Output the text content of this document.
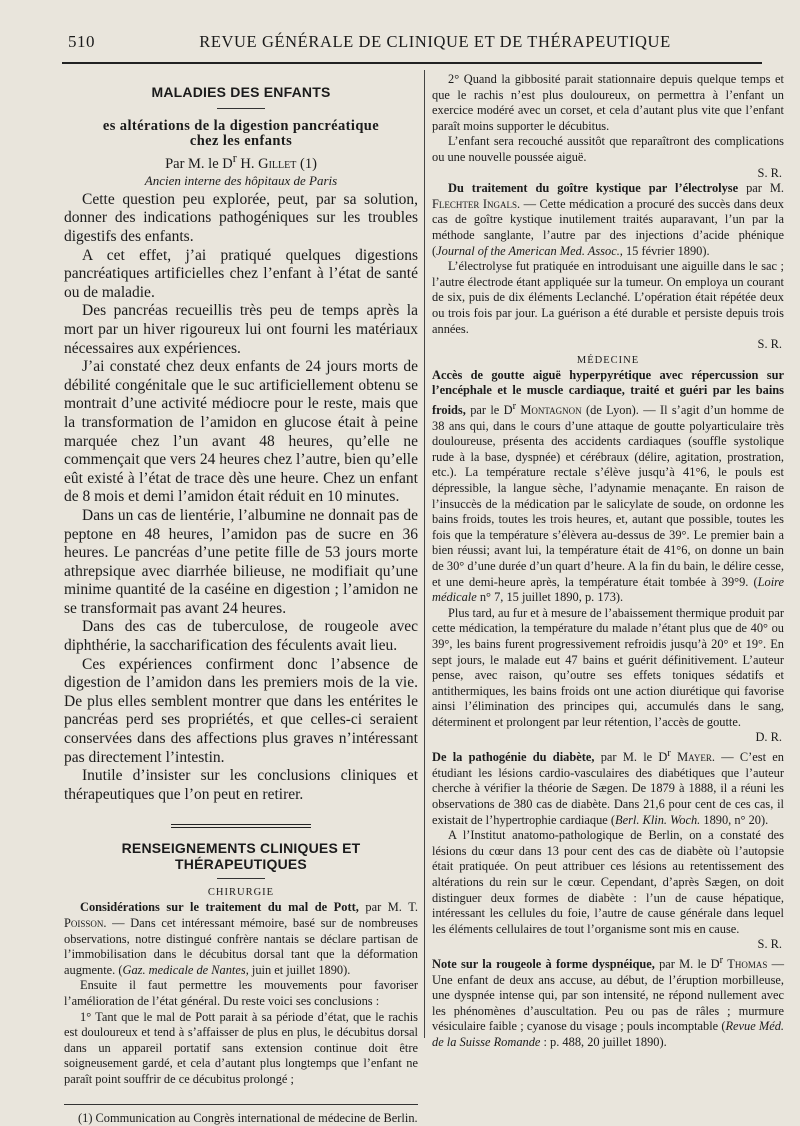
510	REVUE GÉNÉRALE DE CLINIQUE ET DE THÉRAPEUTIQUE
MALADIES DES ENFANTS
es altérations de la digestion pancréatique
chez les enfants
Par M. le $D^r$ H. Gillet (1)
Ancien interne des hôpitaux de Paris

Cette question peu explorée, peut, par sa solution, donner des indications pathogéniques sur les troubles digestifs des enfants.

A cet effet, j’ai pratiqué quelques digestions pancréatiques artificielles chez l’enfant à l’état de santé ou de maladie.

Des pancréas recueillis très peu de temps après la mort par un hiver rigoureux lui ont fourni les matériaux nécessaires aux expériences.

J’ai constaté chez deux enfants de 24 jours morts de débilité congénitale que le suc artificiellement obtenu se montrait d’une activité médiocre pour le reste, mais que la transformation de l’amidon en glucose était à peine marquée chez l’un avant 48 heures, qu’elle ne commençait que vers 24 heures chez l’autre, bien qu’elle eût existé à l’état de trace dès une heure. Chez un enfant de 8 mois et demi l’amidon était réduit en 10 minutes.

Dans un cas de lientérie, l’albumine ne donnait pas de peptone en 48 heures, l’amidon pas de sucre en 36 heures. Le pancréas d’une petite fille de 53 jours morte athrepsique avec diarrhée bilieuse, ne modifiait qu’une minime quantité de la caséine en digestion ; l’amidon ne se transformait pas avant 24 heures.

Dans des cas de tuberculose, de rougeole avec diphthérie, la saccharification des féculents avait lieu.

Ces expériences confirment donc l’absence de digestion de l’amidon dans les premiers mois de la vie. De plus elles semblent montrer que dans les entérites le pancréas perd ses propriétés, et que celles-ci seraient conservées dans des affections plus graves n’intéressant pas directement l’intestin.

Inutile d’insister sur les conclusions cliniques et thérapeutiques que l’on peut en retirer.

RENSEIGNEMENTS CLINIQUES ET THÉRAPEUTIQUES
CHIRURGIE

Considérations sur le traitement du mal de Pott, par M. T. Poisson. — Dans cet intéressant mémoire, basé sur de nombreuses observations, notre distingué confrère nantais se déclare partisan de l’immobilisation dans le décubitus dorsal tant que la déformation augmente. (Gaz. medicale de Nantes, juin et juillet 1890).

Ensuite il faut permettre les mouvements pour favoriser l’amélioration de l’état général. Du reste voici ses conclusions :

1° Tant que le mal de Pott parait à sa période d’état, que le rachis est douloureux et tend à s’affaisser de plus en plus, le décubitus dorsal dans un appareil portatif sans extension continue doit être soigneusement gardé, et cela d’autant plus longtemps que l’enfant ne paraît point souffrir de ce décubitus prolongé ;

(1) Communication au Congrès international de médecine de Berlin.

2° Quand la gibbosité parait stationnaire depuis quelque temps et que le rachis n’est plus douloureux, on permettra à l’enfant un exercice modéré avec un corset, et cela d’autant plus vite que l’enfant paraît moins supporter le décubitus.

L’enfant sera recouché aussitôt que reparaîtront des complications ou une nouvelle poussée aiguë.

S. R.

Du traitement du goître kystique par l’électrolyse par M. Flechter Ingals. — Cette médication a procuré des succès dans deux cas de goître kystique inutilement traités auparavant, l’un par la méthode sanglante, l’autre par des injections d’acide phénique (Journal of the American Med. Assoc., 15 février 1890).

L’électrolyse fut pratiquée en introduisant une aiguille dans le sac ; l’autre électrode étant appliquée sur la tumeur. On employa un courant de six, puis de dix éléments Leclanché. L’opération était répétée deux ou trois fois par jour. La guérison a été durable et persiste depuis trois années.

S. R.
MÉDECINE

Accès de goutte aiguë hyperpyrétique avec répercussion sur l’encéphale et le muscle cardiaque, traité et guéri par les bains froids, par le $D^r$ Montagnon (de Lyon). — Il s’agit d’un homme de 38 ans qui, dans le cours d’une attaque de goutte polyarticulaire très douloureuse, présenta des accidents cardiaques (souffle systolique rude à la base, dyspnée) et cérébraux (délire, agitation, prostration, etc.). La température rectale s’élève jusqu’à 41°6, le pouls est dépressible, la langue sèche, l’adynamie menaçante. En raison de l’insuccès de la médication par le salicylate de soude, on ordonne les bains froids, toutes les trois heures, et, autant que possible, toutes les fois que la température s’élèvera au-dessus de 39°. Le premier bain a bien réussi; avant lui, la température était de 41°6, on donne un bain de 30° d’une durée d’un quart d’heure. A la fin du bain, le délire cesse, et une demi-heure après, la température était tombée à 39°9. (Loire médicale n° 7, 15 juillet 1890, p. 173).

Plus tard, au fur et à mesure de l’abaissement thermique produit par cette médication, la température du malade n’étant plus que de 40° ou 39°, les bains furent progressivement refroidis jusqu’à 20° et 19°. En sept jours, le malade eut 47 bains et guérit définitivement. L’auteur pense, avec raison, qu’outre ses effets toniques sédatifs et antithermiques, les bains froids ont une action diurétique qui favorise ainsi l’élimination des principes qui, accumulés dans le sang, déterminent et prolongent par leur rétention, l’accès de goutte.

D. R.

De la pathogénie du diabète, par M. le $D^r$ Mayer. — C’est en étudiant les lésions cardio-vasculaires des diabétiques que l’auteur cherche à vérifier la théorie de Sægen. De 1879 à 1888, il a réuni les observations de 380 cas de diabète. Dans 21,6 pour cent de ces cas, il existait de l’hypertrophie cardiaque (Berl. Klin. Woch. 1890, n° 20).

A l’Institut anatomo-pathologique de Berlin, on a constaté des lésions du cœur dans 13 pour cent des cas de diabète où l’autopsie était pratiquée. On peut attribuer ces lésions au retentissement des altérations du rein sur le cœur. Cependant, d’après Sægen, on doit distinguer deux formes de diabète : l’un de cause hépatique, intéressant les cellules du foie, l’autre de cause générale dans lequel les éléments cellulaires de tout l’organisme sont mis en cause.

S. R.

Note sur la rougeole à forme dyspnéique, par M. le $D^r$ Thomas — Une enfant de deux ans accuse, au début, de l’éruption morbilleuse, une dyspnée intense qui, par son intensité, ne répond nullement avec les phénomènes d’auscultation. Peu ou pas de râles ; murmure vésiculaire faible ; cyanose du visage ; pouls incomptable (Revue Méd. de la Suisse Romande : p. 488, 20 juillet 1890).
